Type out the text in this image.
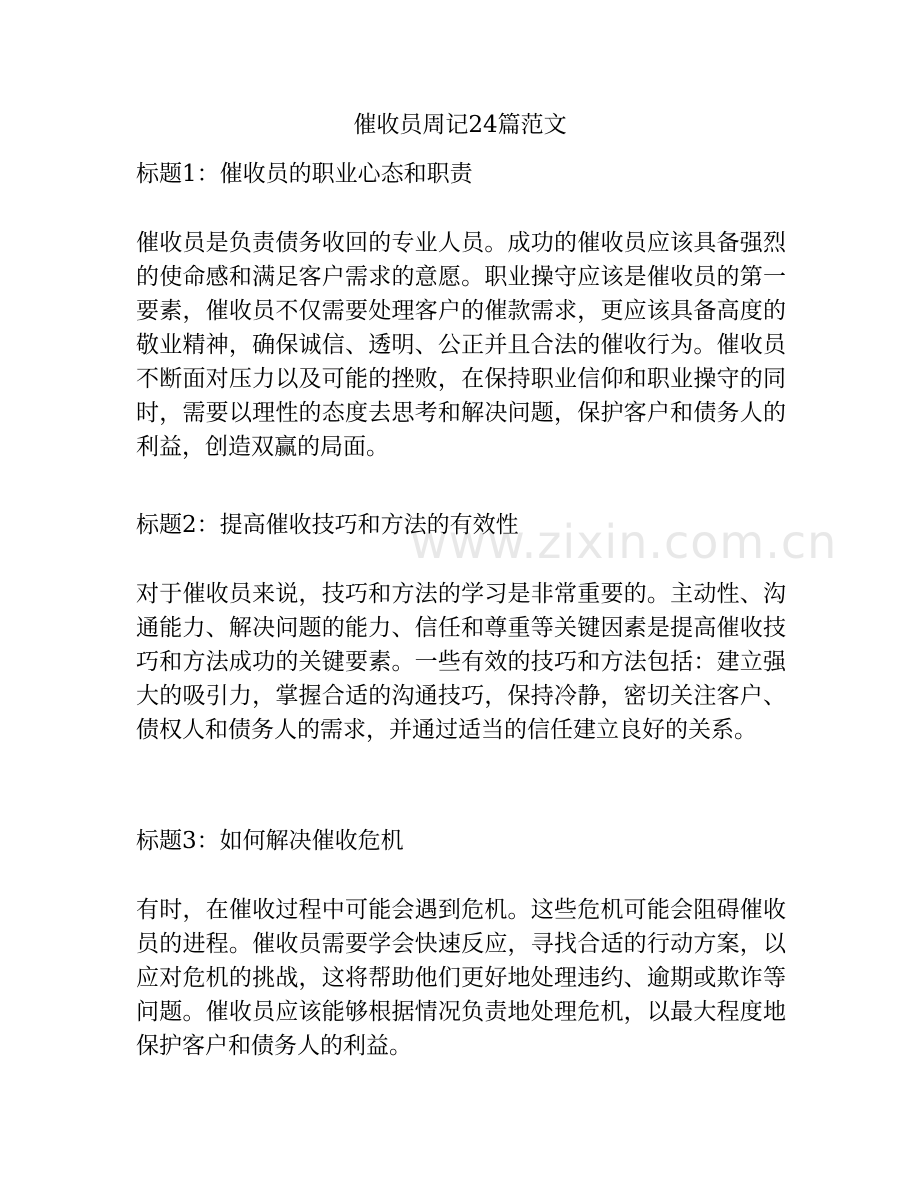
www.zixin.com.cn
催收员周记24篇范文
标题1：催收员的职业心态和职责

催收员是负责债务收回的专业人员。成功的催收员应该具备强烈的使命感和满足客户需求的意愿。职业操守应该是催收员的第一要素，催收员不仅需要处理客户的催款需求，更应该具备高度的敬业精神，确保诚信、透明、公正并且合法的催收行为。催收员不断面对压力以及可能的挫败，在保持职业信仰和职业操守的同时，需要以理性的态度去思考和解决问题，保护客户和债务人的利益，创造双赢的局面。

标题2：提高催收技巧和方法的有效性

对于催收员来说，技巧和方法的学习是非常重要的。主动性、沟通能力、解决问题的能力、信任和尊重等关键因素是提高催收技巧和方法成功的关键要素。一些有效的技巧和方法包括：建立强大的吸引力，掌握合适的沟通技巧，保持冷静，密切关注客户、债权人和债务人的需求，并通过适当的信任建立良好的关系。

标题3：如何解决催收危机

有时，在催收过程中可能会遇到危机。这些危机可能会阻碍催收员的进程。催收员需要学会快速反应，寻找合适的行动方案，以应对危机的挑战，这将帮助他们更好地处理违约、逾期或欺诈等问题。催收员应该能够根据情况负责地处理危机，以最大程度地保护客户和债务人的利益。
